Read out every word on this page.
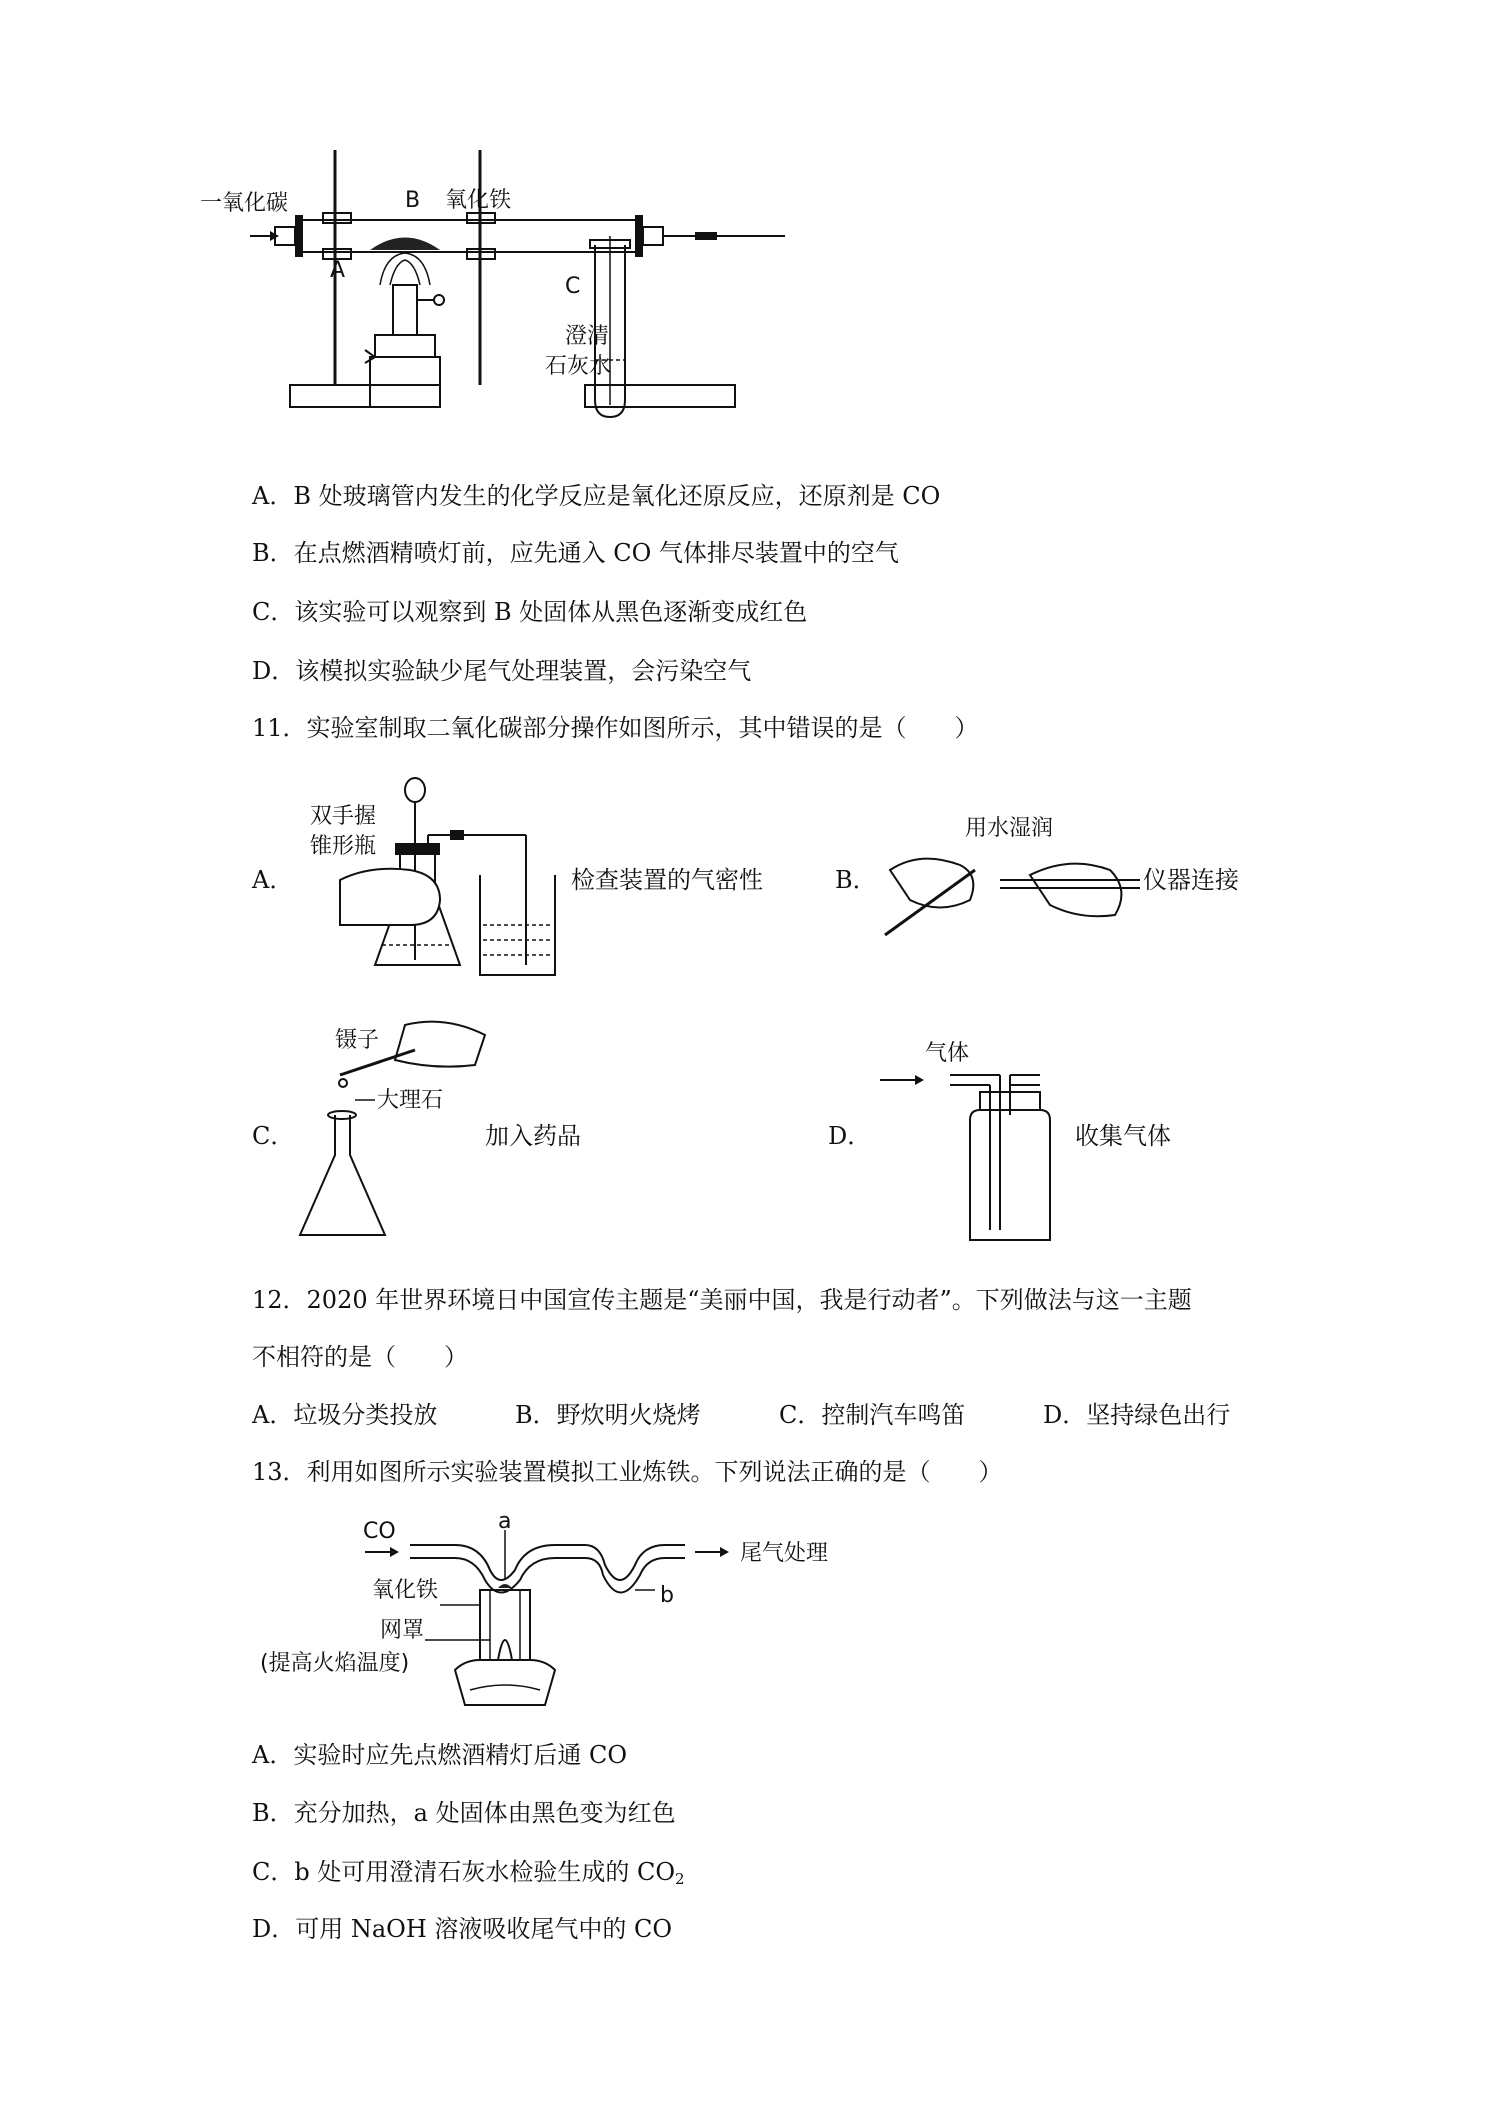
一氧化碳
A
B 氧化铁
C
澄清
石灰水
A．B 处玻璃管内发生的化学反应是氧化还原反应，还原剂是 CO
B．在点燃酒精喷灯前，应先通入 CO 气体排尽装置中的空气
C．该实验可以观察到 B 处固体从黑色逐渐变成红色
D．该模拟实验缺少尾气处理装置，会污染空气
11．实验室制取二氧化碳部分操作如图所示，其中错误的是（　　）
A．
双手握
锥形瓶
检查装置的气密性	B．
用水湿润
仪器连接
C．
镊子
大理石
加入药品	D．
气体
收集气体
12．2020 年世界环境日中国宣传主题是“美丽中国，我是行动者”。下列做法与这一主题
不相符的是（　　）
A．垃圾分类投放	B．野炊明火烧烤	C．控制汽车鸣笛	D．坚持绿色出行
13．利用如图所示实验装置模拟工业炼铁。下列说法正确的是（　　）
CO	a
尾气处理
氧化铁	b
网罩
(提高火焰温度)
A．实验时应先点燃酒精灯后通 CO
B．充分加热，a 处固体由黑色变为红色
C．b 处可用澄清石灰水检验生成的 $CO_2$
D．可用 NaOH 溶液吸收尾气中的 CO
